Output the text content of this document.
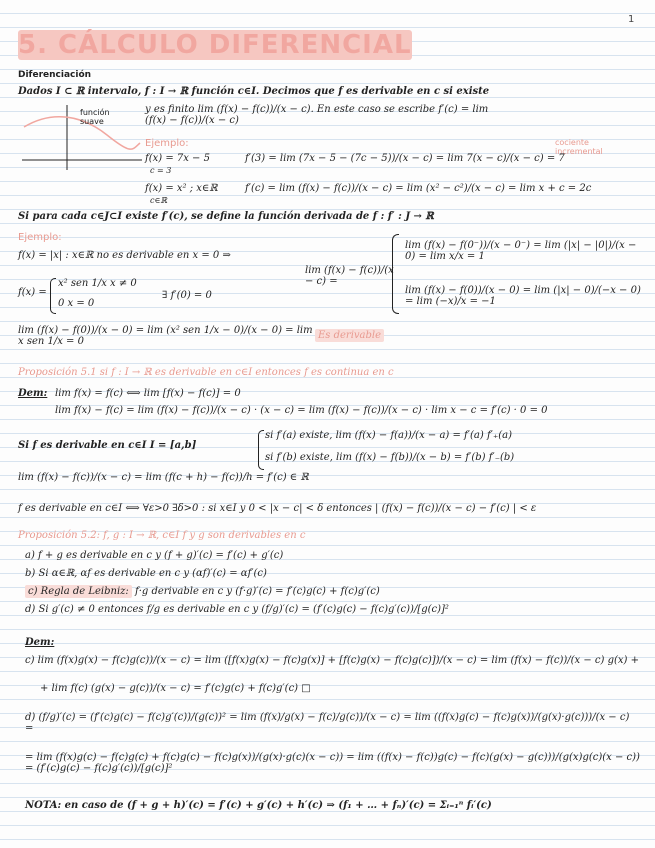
1
5. CÁLCULO DIFERENCIAL
Diferenciación
Dados I ⊂ ℝ intervalo, f : I → ℝ función c∈I. Decimos que f es derivable en c si existe
función suave
y es finito lim (f(x) − f(c))/(x − c). En este caso se escribe f′(c) = lim (f(x) − f(c))/(x − c)
cociente incremental
Ejemplo:
f(x) = 7x − 5
c = 3
f′(3) = lim (7x − 5 − (7c − 5))/(x − c) = lim 7(x − c)/(x − c) = 7
f(x) = x² ; x∈ℝ
c∈ℝ
f′(c) = lim (f(x) − f(c))/(x − c) = lim (x² − c²)/(x − c) = lim x + c = 2c
Si para cada c∈J⊂I existe f′(c), se define la función derivada de f : f′ : J → ℝ
Ejemplo:
f(x) = |x| : x∈ℝ no es derivable en x = 0 ⇒
lim (f(x) − f(c))/(x − c) =
lim (f(x) − f(0⁻))/(x − 0⁻) = lim (|x| − |0|)/(x − 0) = lim x/x = 1
lim (f(x) − f(0))/(x − 0) = lim (|x| − 0)/(−x − 0) = lim (−x)/x = −1
f(x) =
x² sen 1/x x ≠ 0
0 x = 0
∃ f′(0) = 0
lim (f(x) − f(0))/(x − 0) = lim (x² sen 1/x − 0)/(x − 0) = lim x sen 1/x = 0
Es derivable
Proposición 5.1 si f : I → ℝ es derivable en c∈I entonces f es continua en c
Dem: lim f(x) = f(c) ⟺ lim [f(x) − f(c)] = 0
lim f(x) − f(c) = lim (f(x) − f(c))/(x − c) · (x − c) = lim (f(x) − f(c))/(x − c) · lim x − c = f′(c) · 0 = 0
Si f es derivable en c∈I I = [a,b]
si f′(a) existe, lim (f(x) − f(a))/(x − a) = f′(a) f′₊(a)
si f′(b) existe, lim (f(x) − f(b))/(x − b) = f′(b) f′₋(b)
lim (f(x) − f(c))/(x − c) = lim (f(c + h) − f(c))/h = f′(c) ∈ ℝ
f es derivable en c∈I ⟺ ∀ε>0 ∃δ>0 : si x∈I y 0 < |x − c| < δ entonces | (f(x) − f(c))/(x − c) − f′(c) | < ε
Proposición 5.2: f, g : I → ℝ, c∈I f y g son derivables en c
a) f + g es derivable en c y (f + g)′(c) = f′(c) + g′(c)
b) Si α∈ℝ, αf es derivable en c y (αf)′(c) = αf′(c)
c) Regla de Leibniz: f·g derivable en c y (f·g)′(c) = f′(c)g(c) + f(c)g′(c)
d) Si g′(c) ≠ 0 entonces f/g es derivable en c y (f/g)′(c) = (f′(c)g(c) − f(c)g′(c))/[g(c)]²
Dem:
c) lim (f(x)g(x) − f(c)g(c))/(x − c) = lim ([f(x)g(x) − f(c)g(x)] + [f(c)g(x) − f(c)g(c)])/(x − c) = lim (f(x) − f(c))/(x − c) g(x) +
+ lim f(c) (g(x) − g(c))/(x − c) = f′(c)g(c) + f(c)g′(c) □
d) (f/g)′(c) = (f′(c)g(c) − f(c)g′(c))/(g(c))² = lim (f(x)/g(x) − f(c)/g(c))/(x − c) = lim ((f(x)g(c) − f(c)g(x))/(g(x)·g(c)))/(x − c) =
= lim (f(x)g(c) − f(c)g(c) + f(c)g(c) − f(c)g(x))/(g(x)·g(c)(x − c)) = lim ((f(x) − f(c))g(c) − f(c)(g(x) − g(c)))/(g(x)g(c)(x − c)) = (f′(c)g(c) − f(c)g′(c))/[g(c)]²
NOTA: en caso de (f + g + h)′(c) = f′(c) + g′(c) + h′(c) ⇒ (f₁ + … + fₙ)′(c) = Σᵢ₌₁ⁿ fᵢ′(c)
